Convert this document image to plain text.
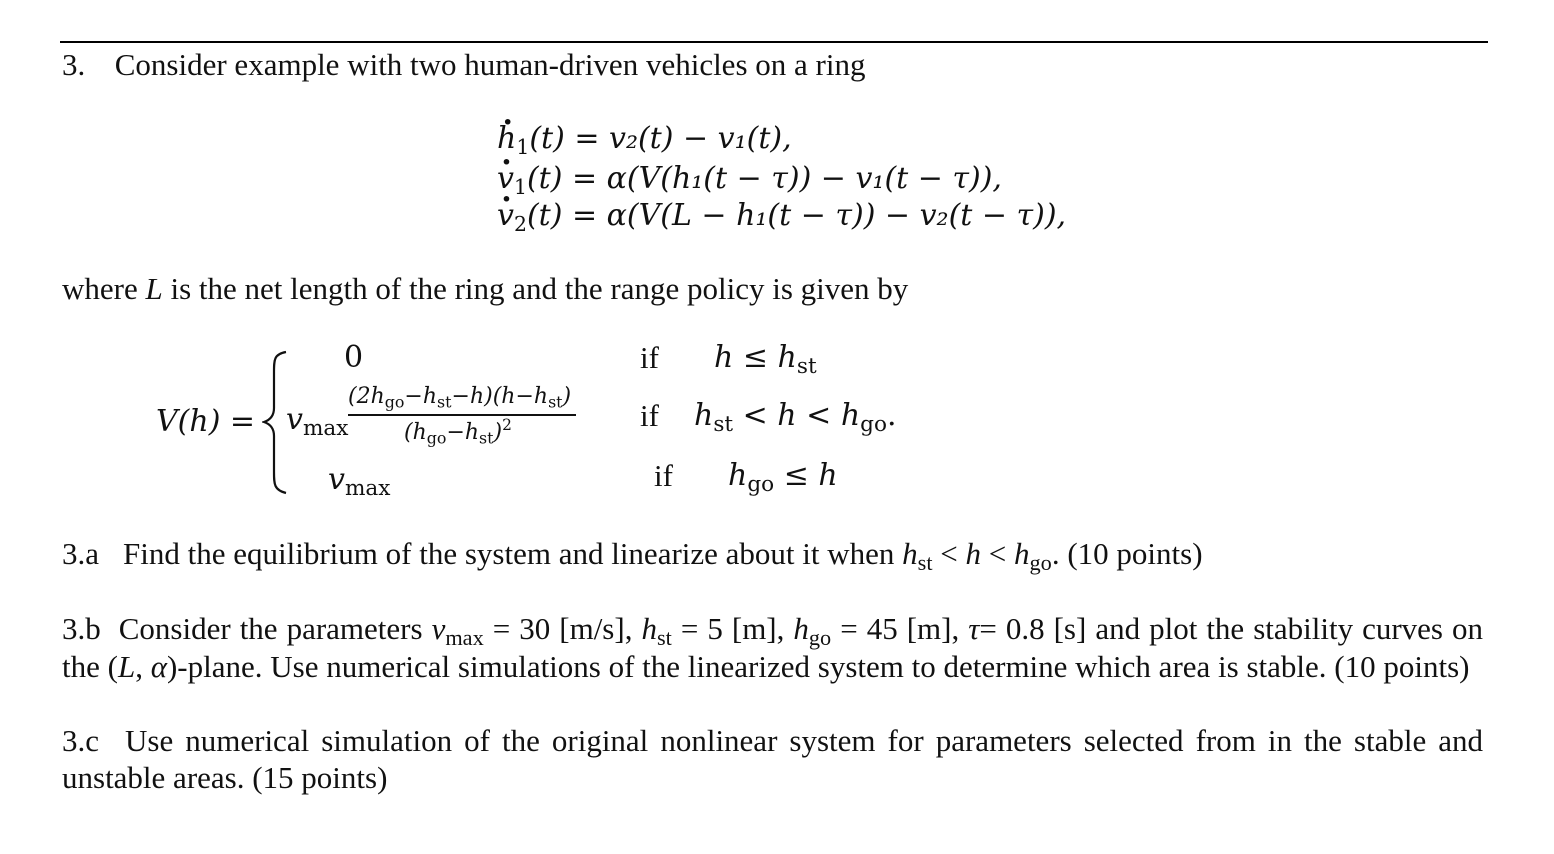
3. Consider example with two human-driven vehicles on a ring
· $h_1(t) = v_2(t) - v_1(t)$,
· $v_1(t) = \alpha(V(h_1(t - \tau)) - v_1(t - \tau))$,
· $v_2(t) = \alpha(V(L - h_1(t - \tau)) - v_2(t - \tau))$,
where L is the net length of the ring and the range policy is given by
V(h) =
0	if $h \le h_{st}$
$v_{max}$
$(2h_{go}-h_{st}-h)(h-h_{st})$
$(h_{go}-h_{st})^2$	if $h_{st} < h < h_{go}$.
$v_{max}$	if $h_{go} \le h$
3.a Find the equilibrium of the system and linearize about it when $h_{st} < h < h_{go}$. (10 points)
3.b Consider the parameters $v_{max} = 30$ [m/s], $h_{st} = 5$ [m], $h_{go} = 45$ [m], τ= 0.8 [s] and plot the stability curves on
the (L, α)-plane. Use numerical simulations of the linearized system to determine which area is stable. (10 points)
3.c Use numerical simulation of the original nonlinear system for parameters selected from in the stable and
unstable areas. (15 points)
